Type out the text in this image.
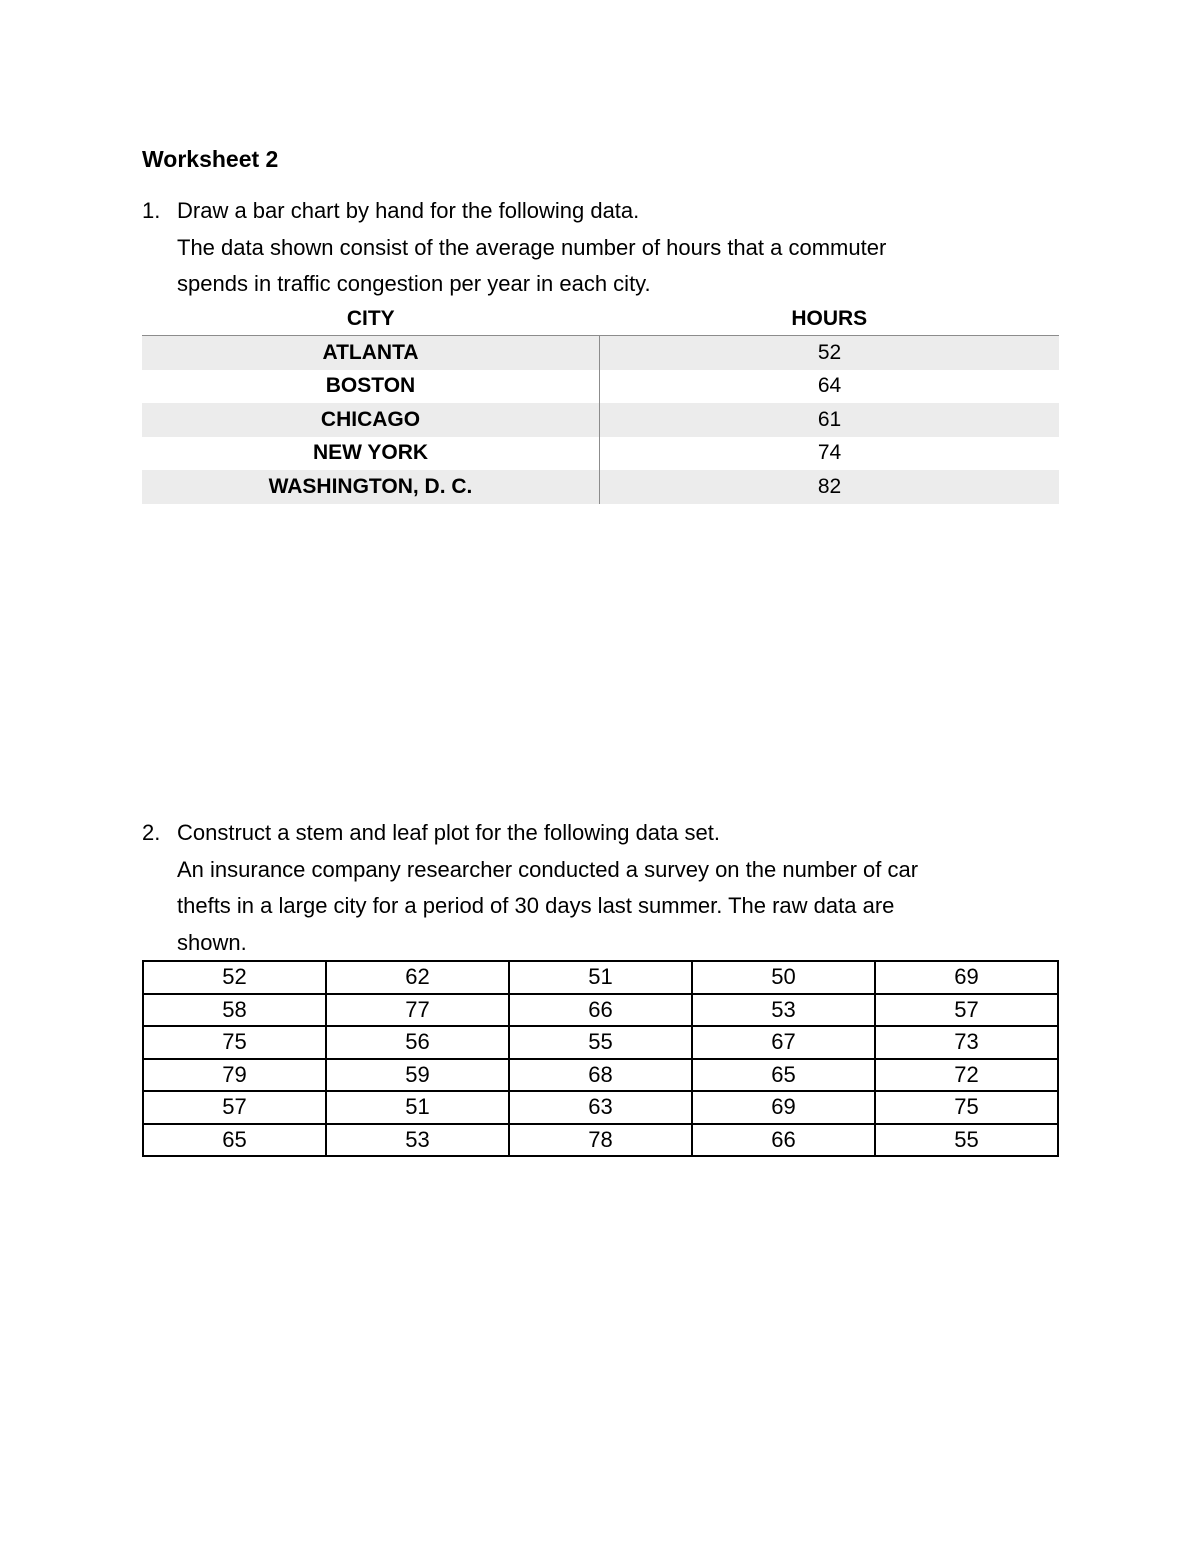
Worksheet 2
1. Draw a bar chart by hand for the following data.
The data shown consist of the average number of hours that a commuter
spends in traffic congestion per year in each city.
CITY	HOURS
ATLANTA	52
BOSTON	64
CHICAGO	61
NEW YORK	74
WASHINGTON, D. C.	82
2. Construct a stem and leaf plot for the following data set.
An insurance company researcher conducted a survey on the number of car
thefts in a large city for a period of 30 days last summer. The raw data are
shown.
52	62	51	50	69
58	77	66	53	57
75	56	55	67	73
79	59	68	65	72
57	51	63	69	75
65	53	78	66	55
